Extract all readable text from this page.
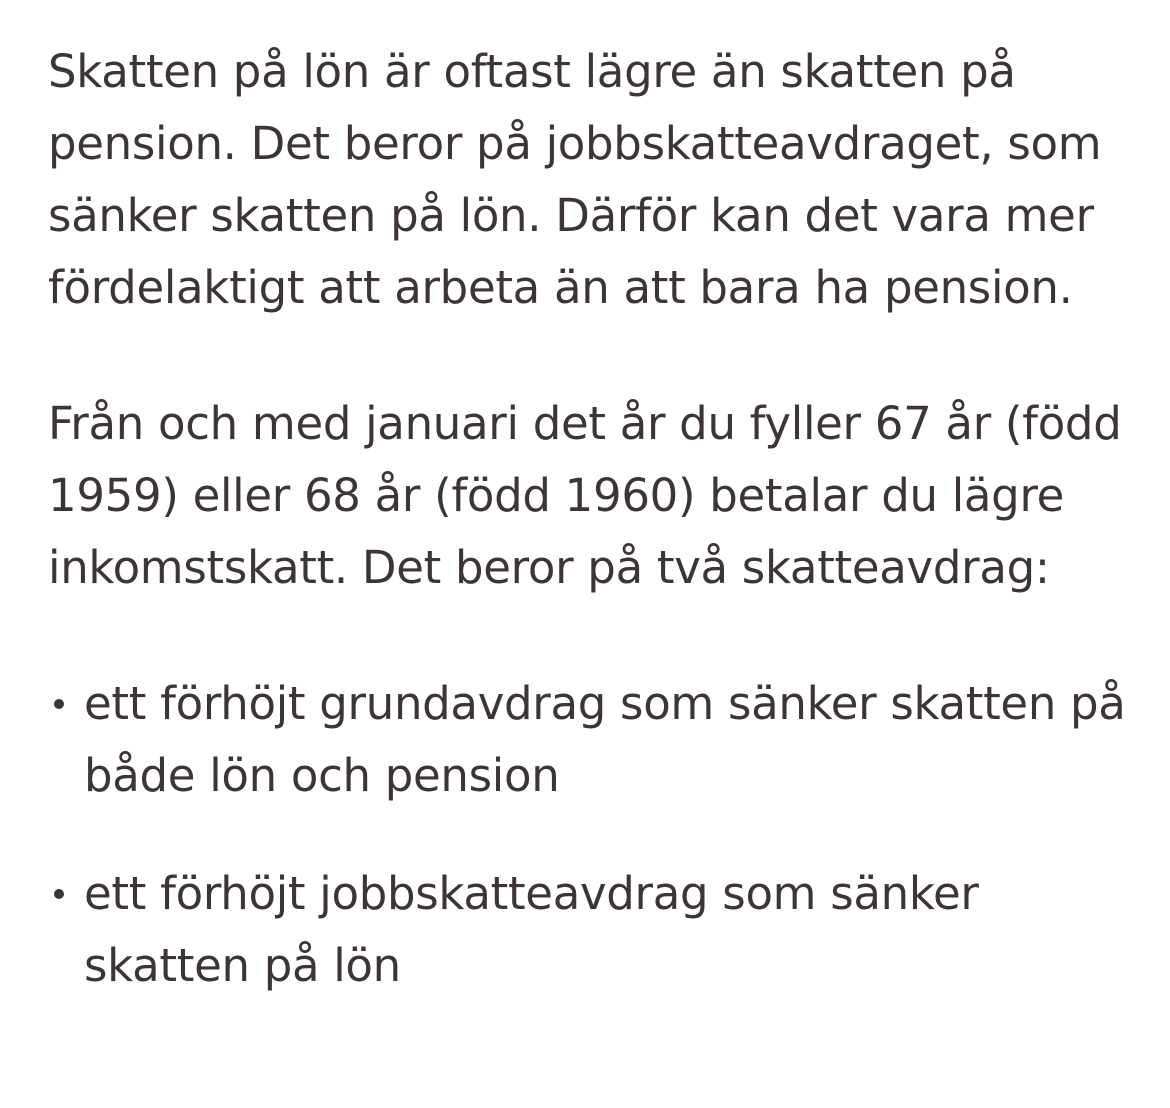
Skatten på lön är oftast lägre än skatten på pension. Det beror på jobbskatteavdraget, som sänker skatten på lön. Därför kan det vara mer fördelaktigt att arbeta än att bara ha pension.

Från och med januari det år du fyller 67 år (född 1959) eller 68 år (född 1960) betalar du lägre inkomstskatt. Det beror på två skatteavdrag:

ett förhöjt grundavdrag som sänker skatten på både lön och pension
ett förhöjt jobbskatteavdrag som sänker skatten på lön
